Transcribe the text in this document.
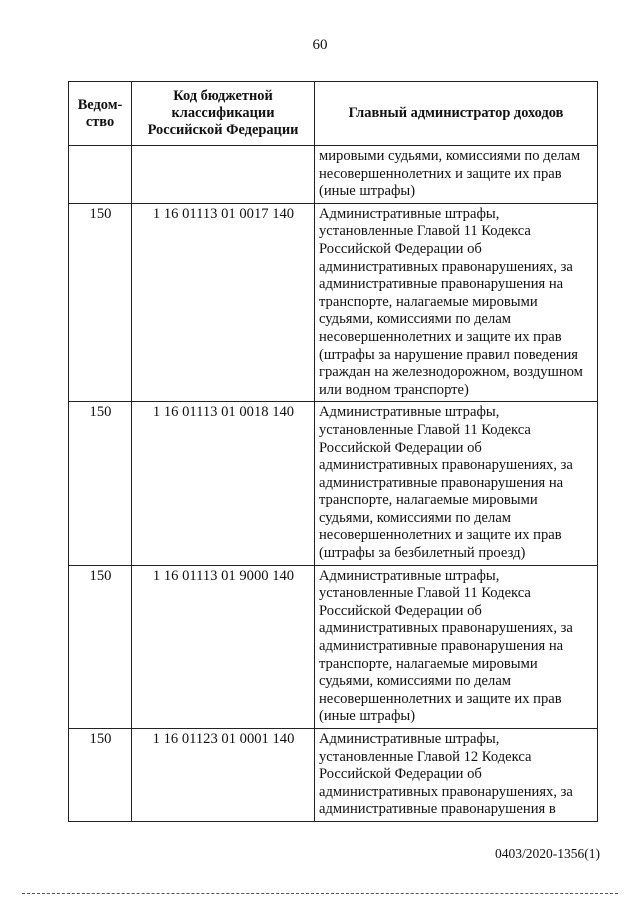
60
Ведом-ство	Код бюджетной классификации Российской Федерации	Главный администратор доходов
		мировыми судьями, комиссиями по делам несовершеннолетних и защите их прав (иные штрафы)
150	1 16 01113 01 0017 140	Административные штрафы, установленные Главой 11 Кодекса Российской Федерации об административных правонарушениях, за административные правонарушения на транспорте, налагаемые мировыми судьями, комиссиями по делам несовершеннолетних и защите их прав (штрафы за нарушение правил поведения граждан на железнодорожном, воздушном или водном транспорте)
150	1 16 01113 01 0018 140	Административные штрафы, установленные Главой 11 Кодекса Российской Федерации об административных правонарушениях, за административные правонарушения на транспорте, налагаемые мировыми судьями, комиссиями по делам несовершеннолетних и защите их прав (штрафы за безбилетный проезд)
150	1 16 01113 01 9000 140	Административные штрафы, установленные Главой 11 Кодекса Российской Федерации об административных правонарушениях, за административные правонарушения на транспорте, налагаемые мировыми судьями, комиссиями по делам несовершеннолетних и защите их прав (иные штрафы)
150	1 16 01123 01 0001 140	Административные штрафы, установленные Главой 12 Кодекса Российской Федерации об административных правонарушениях, за административные правонарушения в
0403/2020-1356(1)
